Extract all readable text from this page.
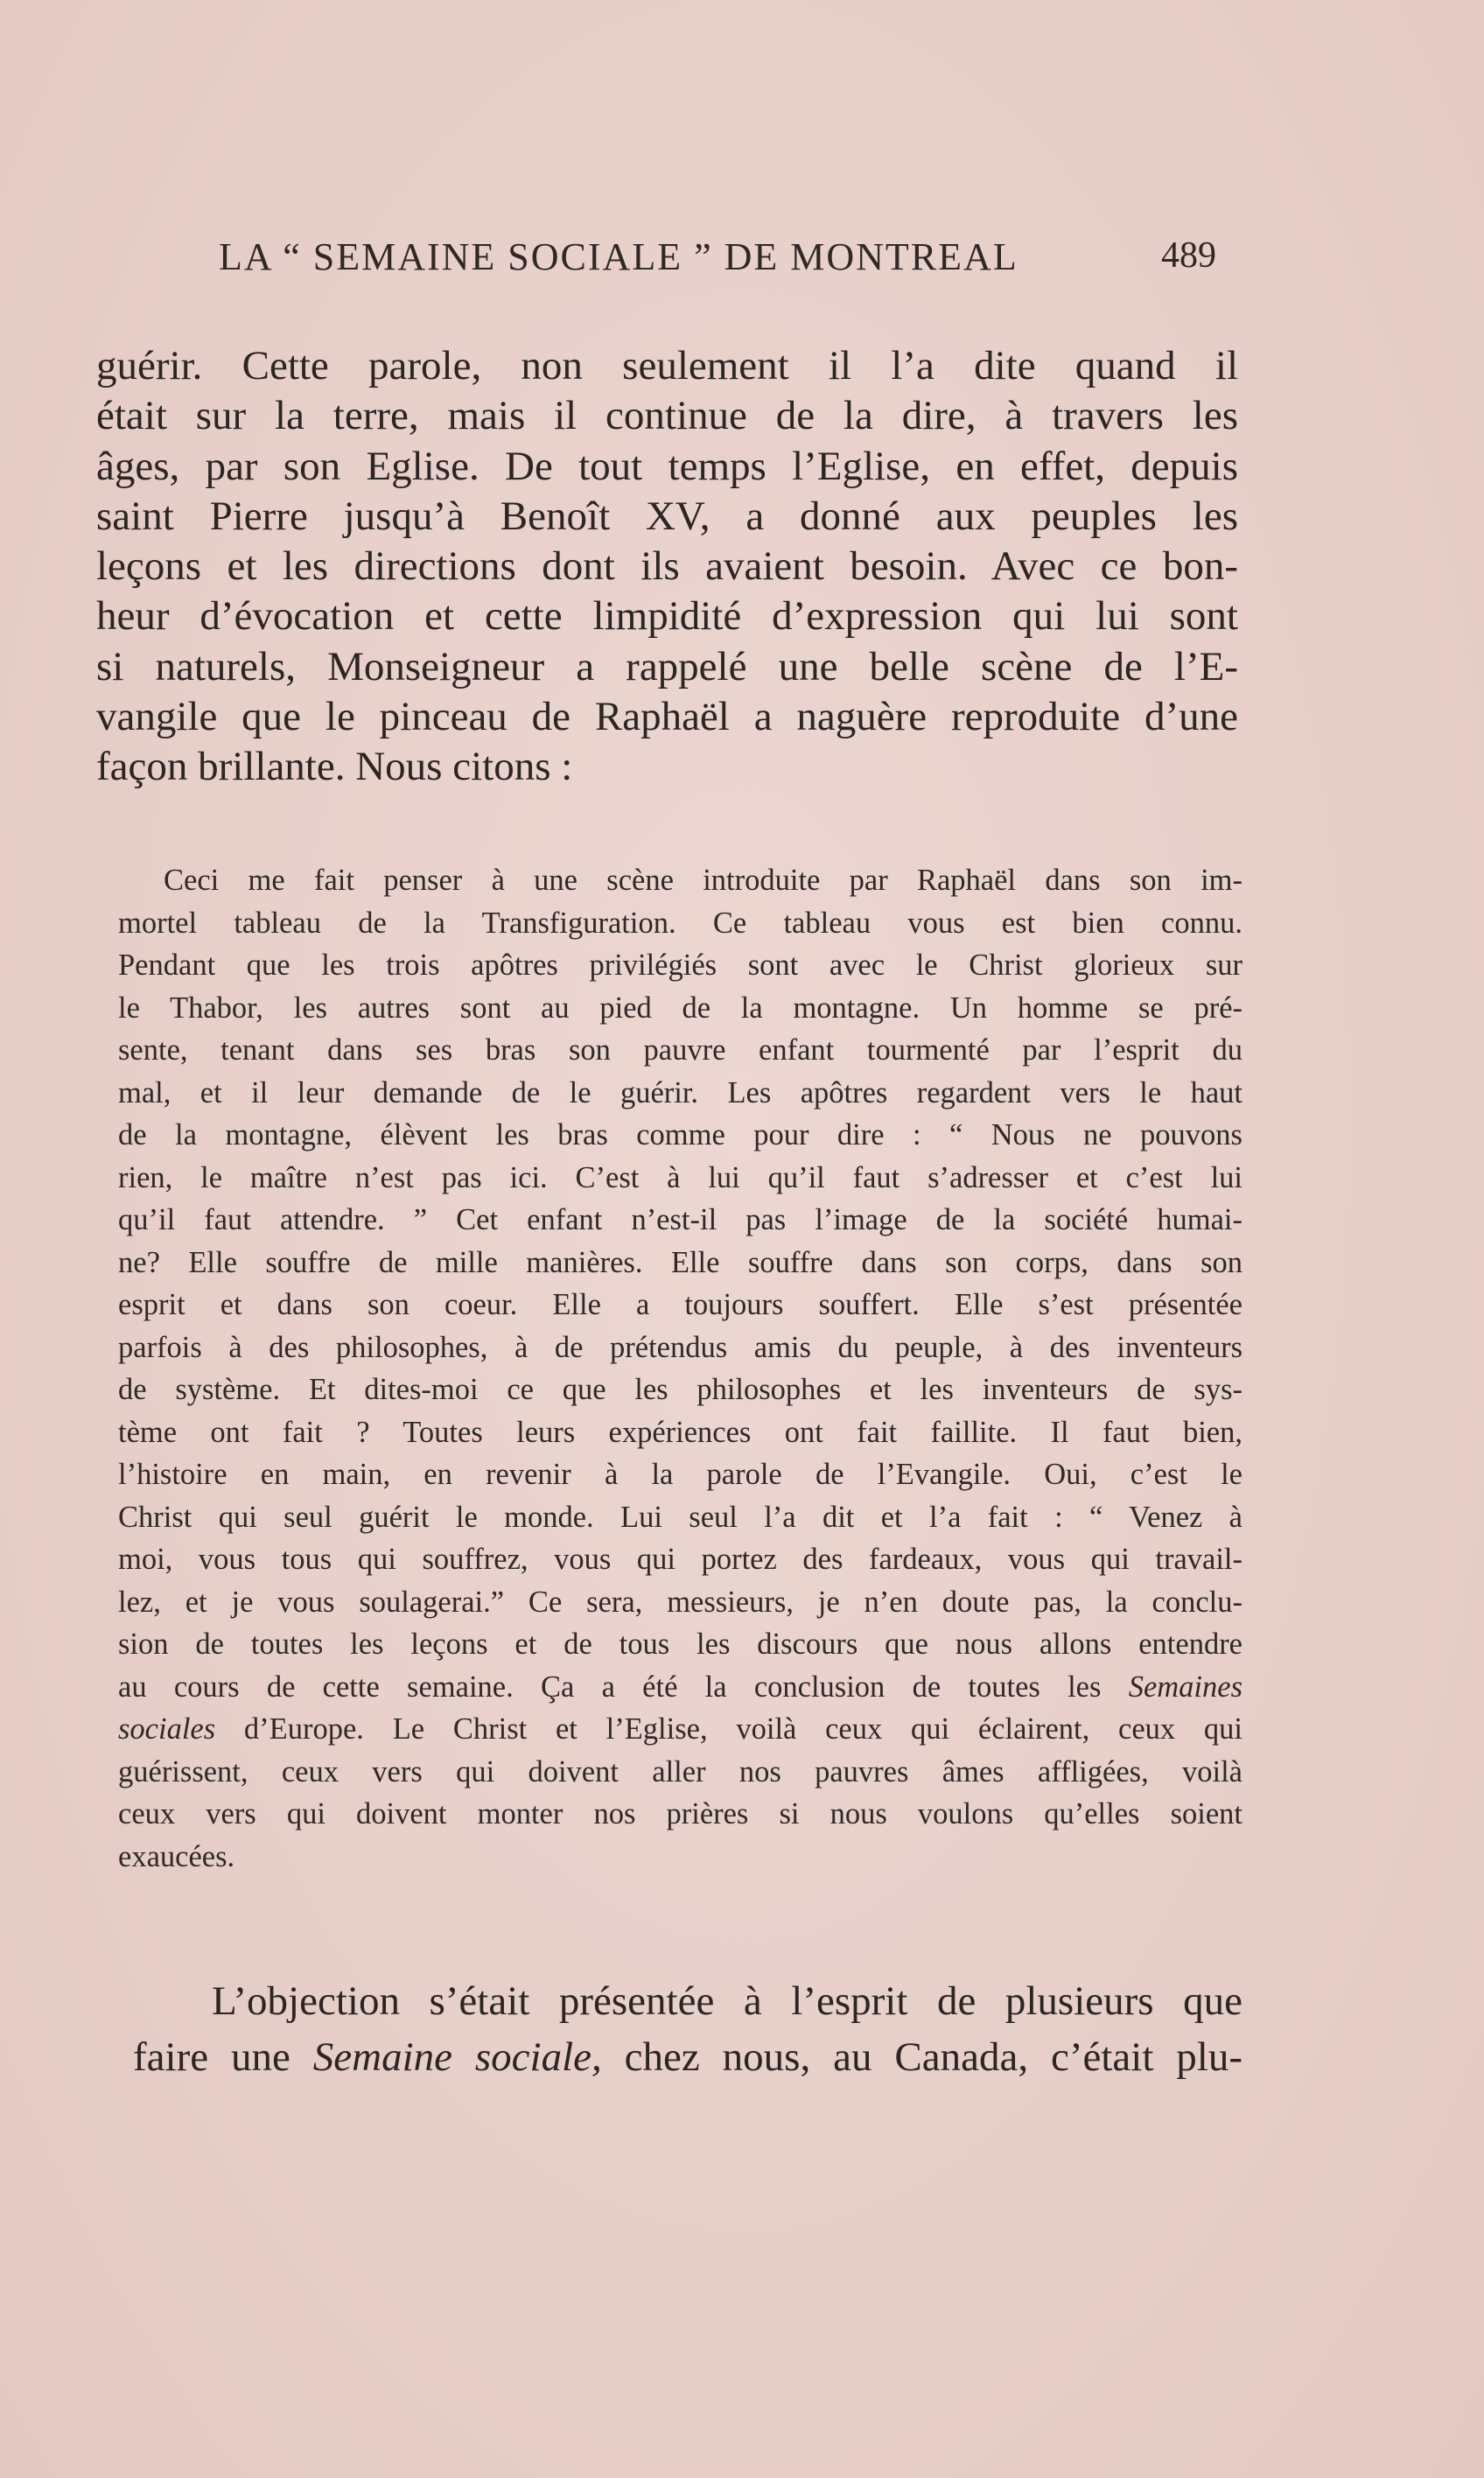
LA “ SEMAINE SOCIALE ” DE MONTREAL	489
guérir. Cette parole, non seulement il l’a dite quand il
était sur la terre, mais il continue de la dire, à travers les
âges, par son Eglise. De tout temps l’Eglise, en effet, depuis
saint Pierre jusqu’à Benoît XV, a donné aux peuples les
leçons et les directions dont ils avaient besoin. Avec ce bon-
heur d’évocation et cette limpidité d’expression qui lui sont
si naturels, Monseigneur a rappelé une belle scène de l’E-
vangile que le pinceau de Raphaël a naguère reproduite d’une
façon brillante. Nous citons :
Ceci me fait penser à une scène introduite par Raphaël dans son im-
mortel tableau de la Transfiguration. Ce tableau vous est bien connu.
Pendant que les trois apôtres privilégiés sont avec le Christ glorieux sur
le Thabor, les autres sont au pied de la montagne. Un homme se pré-
sente, tenant dans ses bras son pauvre enfant tourmenté par l’esprit du
mal, et il leur demande de le guérir. Les apôtres regardent vers le haut
de la montagne, élèvent les bras comme pour dire : “ Nous ne pouvons
rien, le maître n’est pas ici. C’est à lui qu’il faut s’adresser et c’est lui
qu’il faut attendre. ” Cet enfant n’est-il pas l’image de la société humai-
ne? Elle souffre de mille manières. Elle souffre dans son corps, dans son
esprit et dans son coeur. Elle a toujours souffert. Elle s’est présentée
parfois à des philosophes, à de prétendus amis du peuple, à des inventeurs
de système. Et dites-moi ce que les philosophes et les inventeurs de sys-
tème ont fait ? Toutes leurs expériences ont fait faillite. Il faut bien,
l’histoire en main, en revenir à la parole de l’Evangile. Oui, c’est le
Christ qui seul guérit le monde. Lui seul l’a dit et l’a fait : “ Venez à
moi, vous tous qui souffrez, vous qui portez des fardeaux, vous qui travail-
lez, et je vous soulagerai.” Ce sera, messieurs, je n’en doute pas, la conclu-
sion de toutes les leçons et de tous les discours que nous allons entendre
au cours de cette semaine. Ça a été la conclusion de toutes les Semaines
sociales d’Europe. Le Christ et l’Eglise, voilà ceux qui éclairent, ceux qui
guérissent, ceux vers qui doivent aller nos pauvres âmes affligées, voilà
ceux vers qui doivent monter nos prières si nous voulons qu’elles soient
exaucées.
L’objection s’était présentée à l’esprit de plusieurs que
faire une Semaine sociale, chez nous, au Canada, c’était plu-
